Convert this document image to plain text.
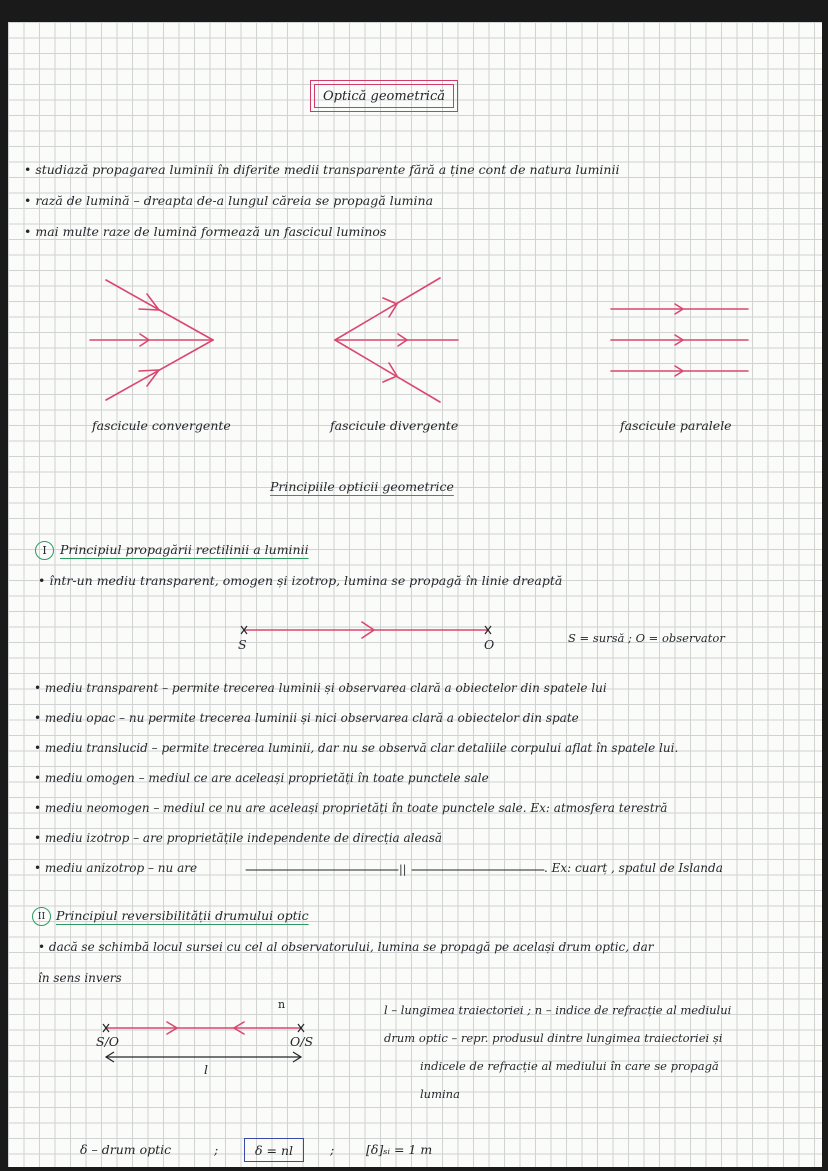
Optică geometrică
• studiază propagarea luminii în diferite medii transparente fără a ține cont de natura luminii
• rază de lumină – dreapta de-a lungul căreia se propagă lumina
• mai multe raze de lumină formează un fascicul luminos
fascicule convergente	fascicule divergente	fascicule paralele
Principiile opticii geometrice
I	Principiul propagării rectilinii a luminii
• într-un mediu transparent, omogen și izotrop, lumina se propagă în linie dreaptă
S	O	S = sursă ; O = observator
• mediu transparent – permite trecerea luminii și observarea clară a obiectelor din spatele lui
• mediu opac – nu permite trecerea luminii și nici observarea clară a obiectelor din spate
• mediu translucid – permite trecerea luminii, dar nu se observă clar detaliile corpului aflat în spatele lui.
• mediu omogen – mediul ce are aceleași proprietăți în toate punctele sale
• mediu neomogen – mediul ce nu are aceleași proprietăți în toate punctele sale. Ex: atmosfera terestră
• mediu izotrop – are proprietățile independente de direcția aleasă
• mediu anizotrop – nu are	||	. Ex: cuarț , spatul de Islanda
II Principiul reversibilității drumului optic
• dacă se schimbă locul sursei cu cel al observatorului, lumina se propagă pe același drum optic, dar
în sens invers
n
S/O	O/S
l
l – lungimea traiectoriei ; n – indice de refracție al mediului
drum optic – repr. produsul dintre lungimea traiectoriei și
indicele de refracție al mediului în care se propagă
lumina
δ – drum optic	;	δ = nl	;	[δ]ₛᵢ = 1 m
